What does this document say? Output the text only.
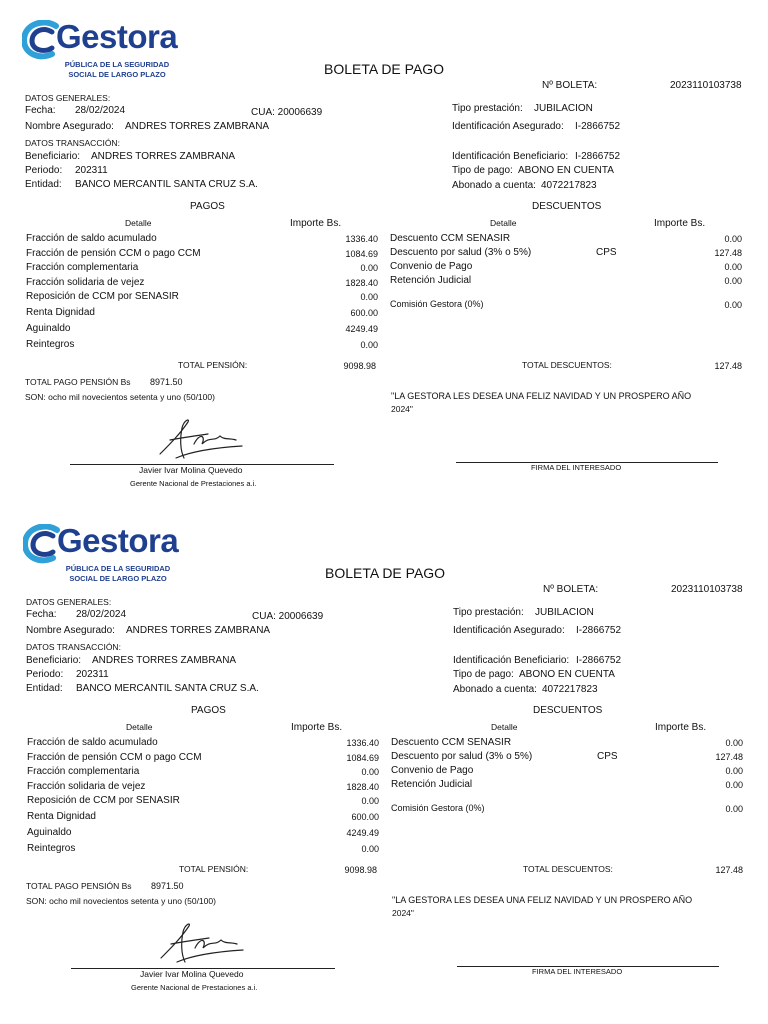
Gestora
PÚBLICA DE LA SEGURIDAD
SOCIAL DE LARGO PLAZO	BOLETA DE PAGO
Nº BOLETA:	2023110103738
DATOS GENERALES:
Fecha: 28/02/2024	CUA: 20006639	Tipo prestación: JUBILACION
Nombre Asegurado: ANDRES TORRES ZAMBRANA	Identificación Asegurado: I-2866752
DATOS TRANSACCIÓN:
Beneficiario: ANDRES TORRES ZAMBRANA	Identificación Beneficiario: I-2866752
Periodo: 202311	Tipo de pago: ABONO EN CUENTA
Entidad: BANCO MERCANTIL SANTA CRUZ S.A.	Abonado a cuenta: 4072217823
PAGOS	DESCUENTOS
Detalle	Importe Bs.	Detalle	Importe Bs.
Fracción de saldo acumulado	1336.40
Fracción de pensión CCM o pago CCM	1084.69
Fracción complementaria	0.00
Fracción solidaria de vejez	1828.40
Reposición de CCM por SENASIR	0.00
Renta Dignidad	600.00
Aguinaldo	4249.49
Reintegros	0.00
Descuento CCM SENASIR	0.00
Descuento por salud (3% o 5%)	CPS	127.48
Convenio de Pago	0.00
Retención Judicial	0.00
Comisión Gestora (0%)	0.00
TOTAL PENSIÓN:	9098.98	TOTAL DESCUENTOS:	127.48
TOTAL PAGO PENSIÓN Bs 8971.50
SON: ocho mil novecientos setenta y uno (50/100)	"LA GESTORA LES DESEA UNA FELIZ NAVIDAD Y UN PROSPERO AÑO
2024"
Javier Ivar Molina Quevedo
Gerente Nacional de Prestaciones a.i.
FIRMA DEL INTERESADO
Gestora
PÚBLICA DE LA SEGURIDAD
SOCIAL DE LARGO PLAZO	BOLETA DE PAGO
Nº BOLETA:	2023110103738
DATOS GENERALES:
Fecha: 28/02/2024	CUA: 20006639	Tipo prestación: JUBILACION
Nombre Asegurado: ANDRES TORRES ZAMBRANA	Identificación Asegurado: I-2866752
DATOS TRANSACCIÓN:
Beneficiario: ANDRES TORRES ZAMBRANA	Identificación Beneficiario: I-2866752
Periodo: 202311	Tipo de pago: ABONO EN CUENTA
Entidad: BANCO MERCANTIL SANTA CRUZ S.A.	Abonado a cuenta: 4072217823
PAGOS	DESCUENTOS
Detalle	Importe Bs.	Detalle	Importe Bs.
Fracción de saldo acumulado	1336.40
Fracción de pensión CCM o pago CCM	1084.69
Fracción complementaria	0.00
Fracción solidaria de vejez	1828.40
Reposición de CCM por SENASIR	0.00
Renta Dignidad	600.00
Aguinaldo	4249.49
Reintegros	0.00
Descuento CCM SENASIR	0.00
Descuento por salud (3% o 5%)	CPS	127.48
Convenio de Pago	0.00
Retención Judicial	0.00
Comisión Gestora (0%)	0.00
TOTAL PENSIÓN:	9098.98	TOTAL DESCUENTOS:	127.48
TOTAL PAGO PENSIÓN Bs 8971.50
SON: ocho mil novecientos setenta y uno (50/100)	"LA GESTORA LES DESEA UNA FELIZ NAVIDAD Y UN PROSPERO AÑO
2024"
Javier Ivar Molina Quevedo
Gerente Nacional de Prestaciones a.i.
FIRMA DEL INTERESADO
